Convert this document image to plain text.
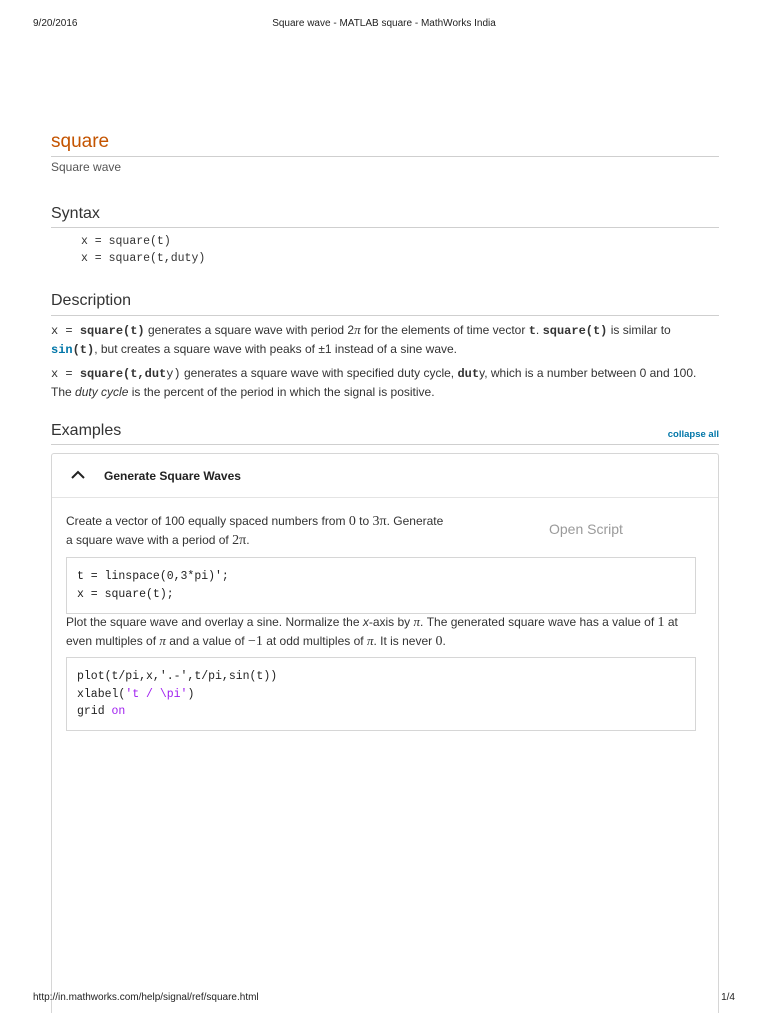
9/20/2016	Square wave - MATLAB square - MathWorks India
square
Square wave
Syntax
x = square(t)
x = square(t,duty)
Description

x = square(t) generates a square wave with period 2π for the elements of time vector t. square(t) is similar to
sin(t), but creates a square wave with peaks of ±1 instead of a sine wave.

x = square(t,duty) generates a square wave with specified duty cycle, duty, which is a number between 0 and 100.
The duty cycle is the percent of the period in which the signal is positive.

Examples	collapse all
Generate Square Waves

Create a vector of 100 equally spaced numbers from 0 to 3π. Generate
a square wave with a period of 2π.

Open Script
t = linspace(0,3*pi)';
x = square(t);

Plot the square wave and overlay a sine. Normalize the x-axis by π. The generated square wave has a value of 1 at
even multiples of π and a value of −1 at odd multiples of π. It is never 0.

plot(t/pi,x,'.-',t/pi,sin(t))
xlabel('t / \pi')
grid on
http://in.mathworks.com/help/signal/ref/square.html	1/4
